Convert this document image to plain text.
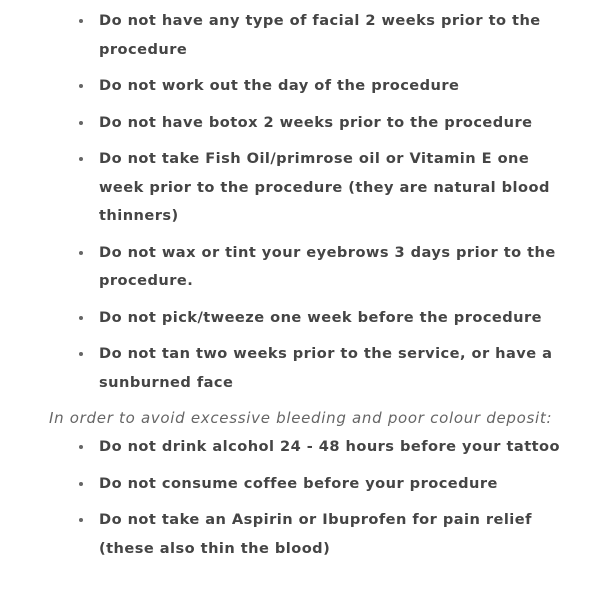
Do not have any type of facial 2 weeks prior to the procedure
Do not work out the day of the procedure
Do not have botox 2 weeks prior to the procedure
Do not take Fish Oil/primrose oil or Vitamin E one week prior to the procedure (they are natural blood thinners)
Do not wax or tint your eyebrows 3 days prior to the procedure.
Do not pick/tweeze one week before the procedure
Do not tan two weeks prior to the service, or have a sunburned face

In order to avoid excessive bleeding and poor colour deposit:

Do not drink alcohol 24 - 48 hours before your tattoo
Do not consume coffee before your procedure
Do not take an Aspirin or Ibuprofen for pain relief (these also thin the blood)
